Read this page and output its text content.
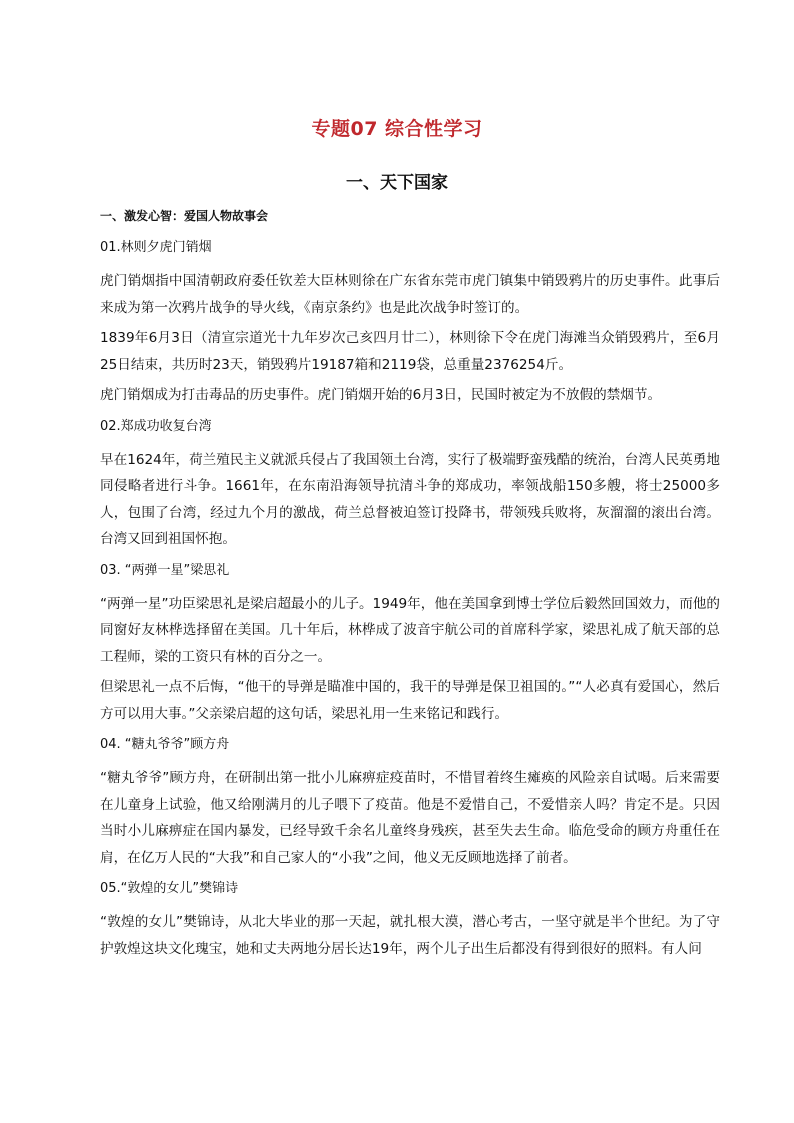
专题07 综合性学习
一、天下国家
一、激发心智：爱国人物故事会
01.林则夕虎门销烟

虎门销烟指中国清朝政府委任钦差大臣林则徐在广东省东莞市虎门镇集中销毁鸦片的历史事件。此事后来成为第一次鸦片战争的导火线，《南京条约》也是此次战争时签订的。

1839年6月3日（清宣宗道光十九年岁次己亥四月廿二），林则徐下令在虎门海滩当众销毁鸦片，至6月25日结束，共历时23天，销毁鸦片19187箱和2119袋，总重量2376254斤。

虎门销烟成为打击毒品的历史事件。虎门销烟开始的6月3日，民国时被定为不放假的禁烟节。

02.郑成功收复台湾

早在1624年，荷兰殖民主义就派兵侵占了我国领土台湾，实行了极端野蛮残酷的统治，台湾人民英勇地同侵略者进行斗争。1661年，在东南沿海领导抗清斗争的郑成功，率领战船150多艘，将士25000多人，包围了台湾，经过九个月的激战，荷兰总督被迫签订投降书，带领残兵败将，灰溜溜的滚出台湾。台湾又回到祖国怀抱。

03. “两弹一星”梁思礼

“两弹一星”功臣梁思礼是梁启超最小的儿子。1949年，他在美国拿到博士学位后毅然回国效力，而他的同窗好友林桦选择留在美国。几十年后，林桦成了波音宇航公司的首席科学家，梁思礼成了航天部的总工程师，梁的工资只有林的百分之一。

但梁思礼一点不后悔，“他干的导弹是瞄准中国的，我干的导弹是保卫祖国的。”“人必真有爱国心，然后方可以用大事。”父亲梁启超的这句话，梁思礼用一生来铭记和践行。

04. “糖丸爷爷”顾方舟

“糖丸爷爷”顾方舟，在研制出第一批小儿麻痹症疫苗时，不惜冒着终生瘫痪的风险亲自试喝。后来需要在儿童身上试验，他又给刚满月的儿子喂下了疫苗。他是不爱惜自己，不爱惜亲人吗？肯定不是。只因当时小儿麻痹症在国内暴发，已经导致千余名儿童终身残疾，甚至失去生命。临危受命的顾方舟重任在肩，在亿万人民的“大我”和自己家人的“小我”之间，他义无反顾地选择了前者。

05.“敦煌的女儿”樊锦诗

“敦煌的女儿”樊锦诗，从北大毕业的那一天起，就扎根大漠，潜心考古，一坚守就是半个世纪。为了守护敦煌这块文化瑰宝，她和丈夫两地分居长达19年，两个儿子出生后都没有得到很好的照料。有人问
